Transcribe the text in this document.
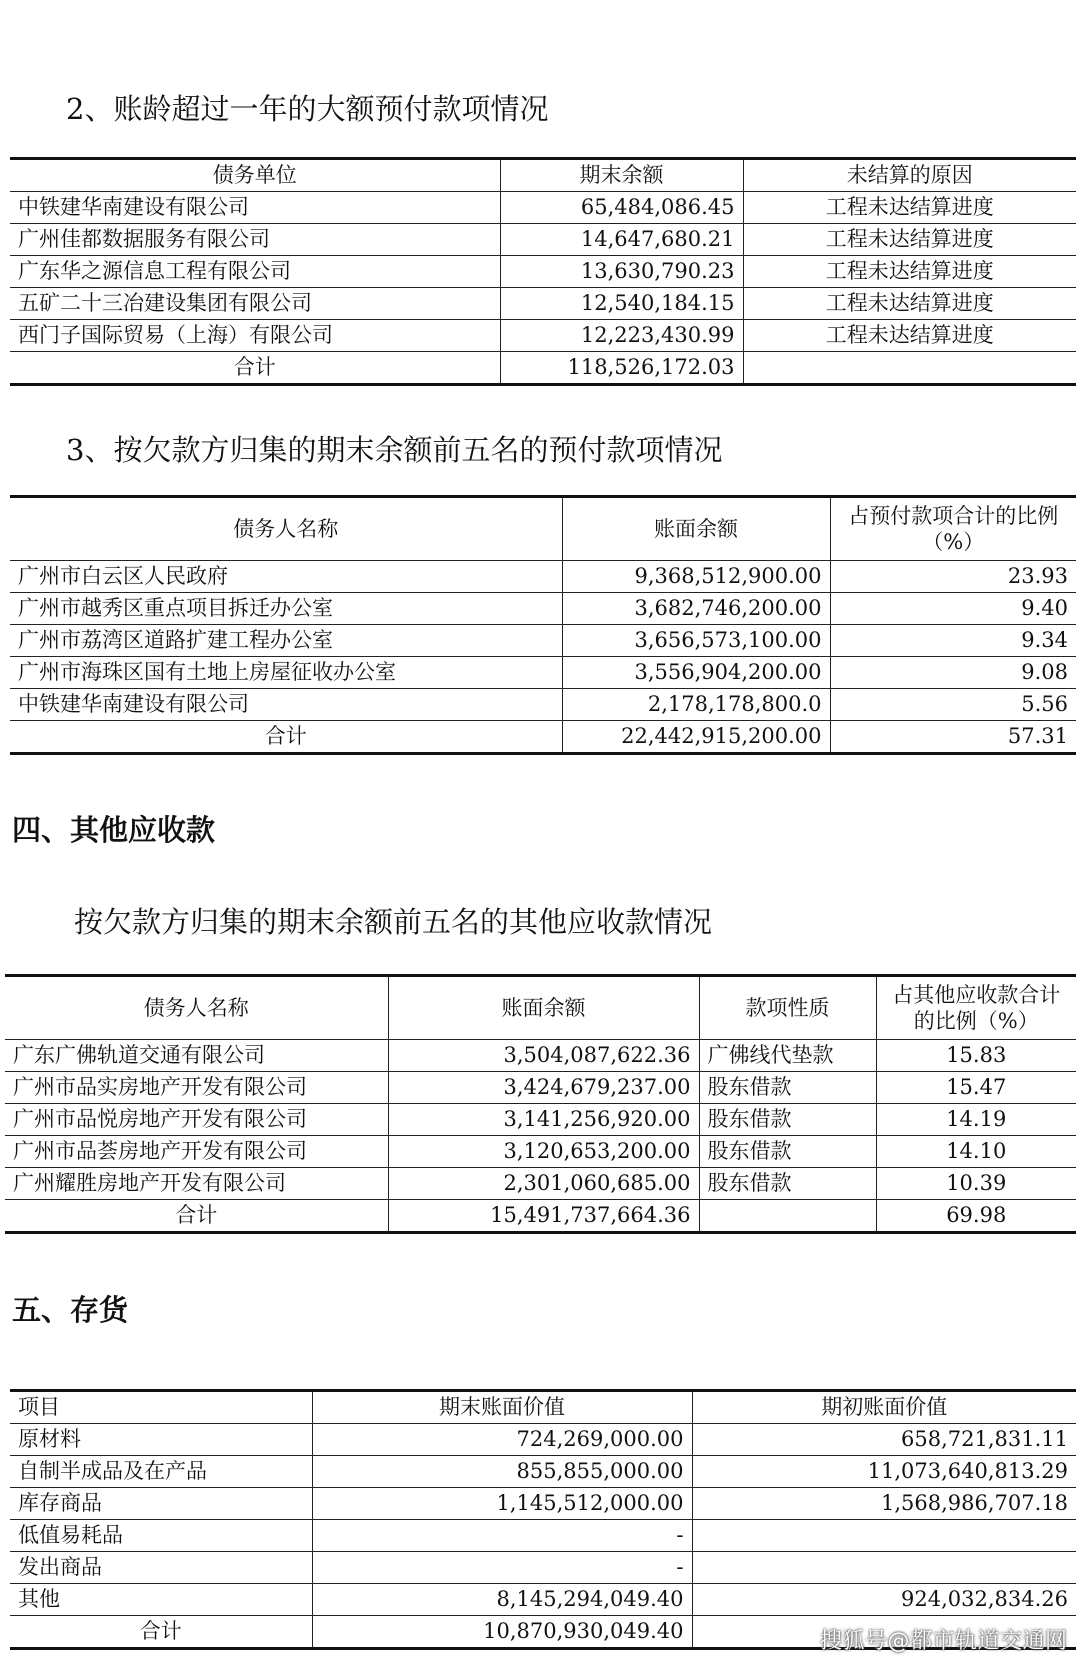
2、账龄超过一年的大额预付款项情况
债务单位	期末余额	未结算的原因
中铁建华南建设有限公司	65,484,086.45	工程未达结算进度
广州佳都数据服务有限公司	14,647,680.21	工程未达结算进度
广东华之源信息工程有限公司	13,630,790.23	工程未达结算进度
五矿二十三冶建设集团有限公司	12,540,184.15	工程未达结算进度
西门子国际贸易（上海）有限公司	12,223,430.99	工程未达结算进度
合计	118,526,172.03	
3、按欠款方归集的期末余额前五名的预付款项情况
债务人名称	账面余额	占预付款项合计的比例（%）
广州市白云区人民政府	9,368,512,900.00	23.93
广州市越秀区重点项目拆迁办公室	3,682,746,200.00	9.40
广州市荔湾区道路扩建工程办公室	3,656,573,100.00	9.34
广州市海珠区国有土地上房屋征收办公室	3,556,904,200.00	9.08
中铁建华南建设有限公司	2,178,178,800.0	5.56
合计	22,442,915,200.00	57.31
四、其他应收款
按欠款方归集的期末余额前五名的其他应收款情况
债务人名称	账面余额	款项性质	占其他应收款合计的比例（%）
广东广佛轨道交通有限公司	3,504,087,622.36	广佛线代垫款	15.83
广州市品实房地产开发有限公司	3,424,679,237.00	股东借款	15.47
广州市品悦房地产开发有限公司	3,141,256,920.00	股东借款	14.19
广州市品荟房地产开发有限公司	3,120,653,200.00	股东借款	14.10
广州耀胜房地产开发有限公司	2,301,060,685.00	股东借款	10.39
合计	15,491,737,664.36		69.98
五、存货
项目	期末账面价值	期初账面价值
原材料	724,269,000.00	658,721,831.11
自制半成品及在产品	855,855,000.00	11,073,640,813.29
库存商品	1,145,512,000.00	1,568,986,707.18
低值易耗品	-	
发出商品	-	
其他	8,145,294,049.40	924,032,834.26
合计	10,870,930,049.40		搜狐号@都市轨道交通网
